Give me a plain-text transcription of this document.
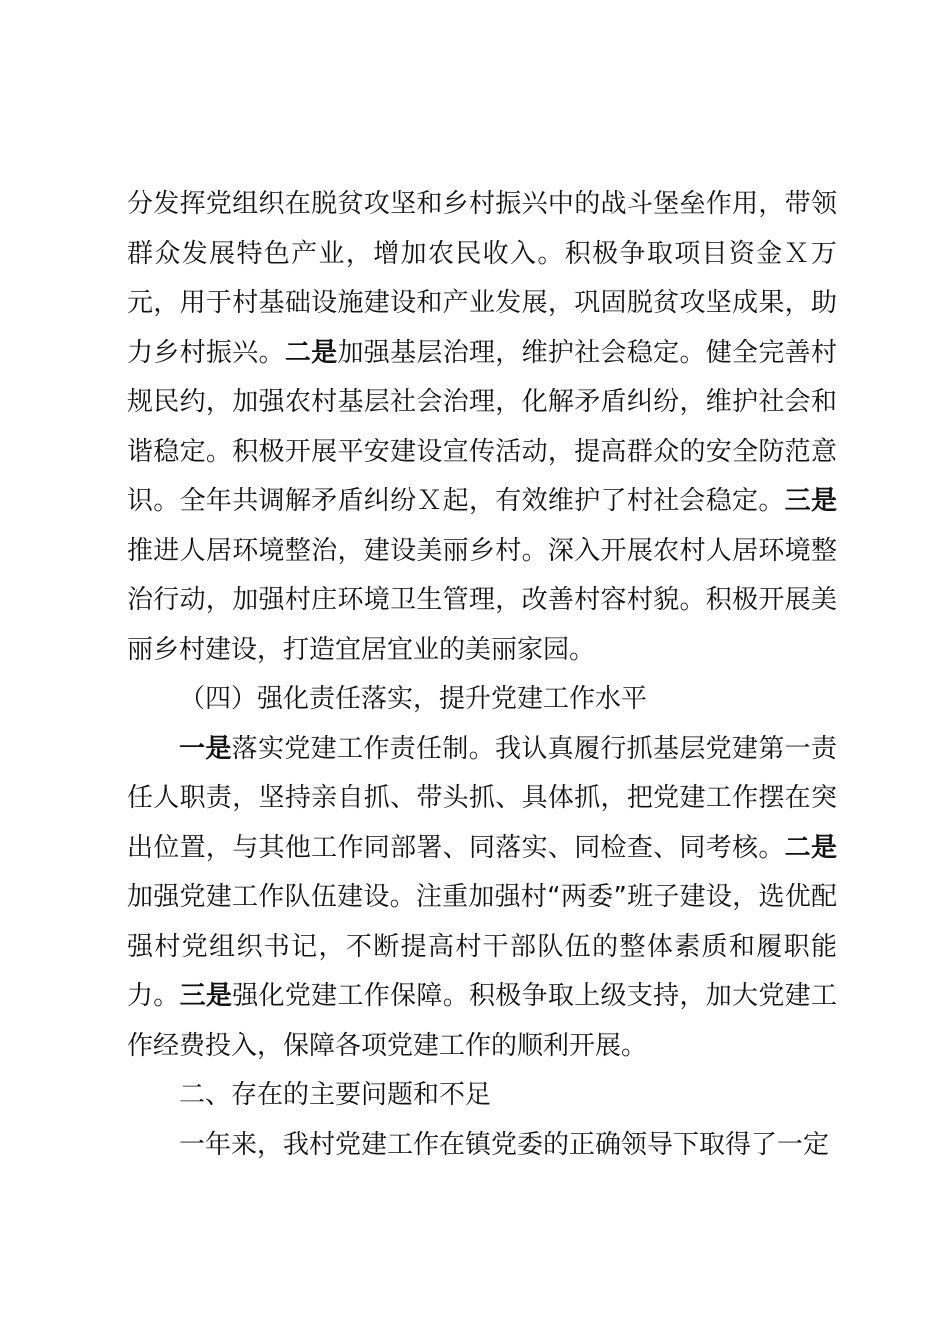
分发挥党组织在脱贫攻坚和乡村振兴中的战斗堡垒作用，带领群众发展特色产业，增加农民收入。积极争取项目资金Ｘ万元，用于村基础设施建设和产业发展，巩固脱贫攻坚成果，助力乡村振兴。二是加强基层治理，维护社会稳定。健全完善村规民约，加强农村基层社会治理，化解矛盾纠纷，维护社会和谐稳定。积极开展平安建设宣传活动，提高群众的安全防范意识。全年共调解矛盾纠纷Ｘ起，有效维护了村社会稳定。三是推进人居环境整治，建设美丽乡村。深入开展农村人居环境整治行动，加强村庄环境卫生管理，改善村容村貌。积极开展美丽乡村建设，打造宜居宜业的美丽家园。

（四）强化责任落实，提升党建工作水平

一是落实党建工作责任制。我认真履行抓基层党建第一责任人职责，坚持亲自抓、带头抓、具体抓，把党建工作摆在突出位置，与其他工作同部署、同落实、同检查、同考核。二是加强党建工作队伍建设。注重加强村“两委”班子建设，选优配强村党组织书记，不断提高村干部队伍的整体素质和履职能力。三是强化党建工作保障。积极争取上级支持，加大党建工作经费投入，保障各项党建工作的顺利开展。

二、存在的主要问题和不足

一年来，我村党建工作在镇党委的正确领导下取得了一定
